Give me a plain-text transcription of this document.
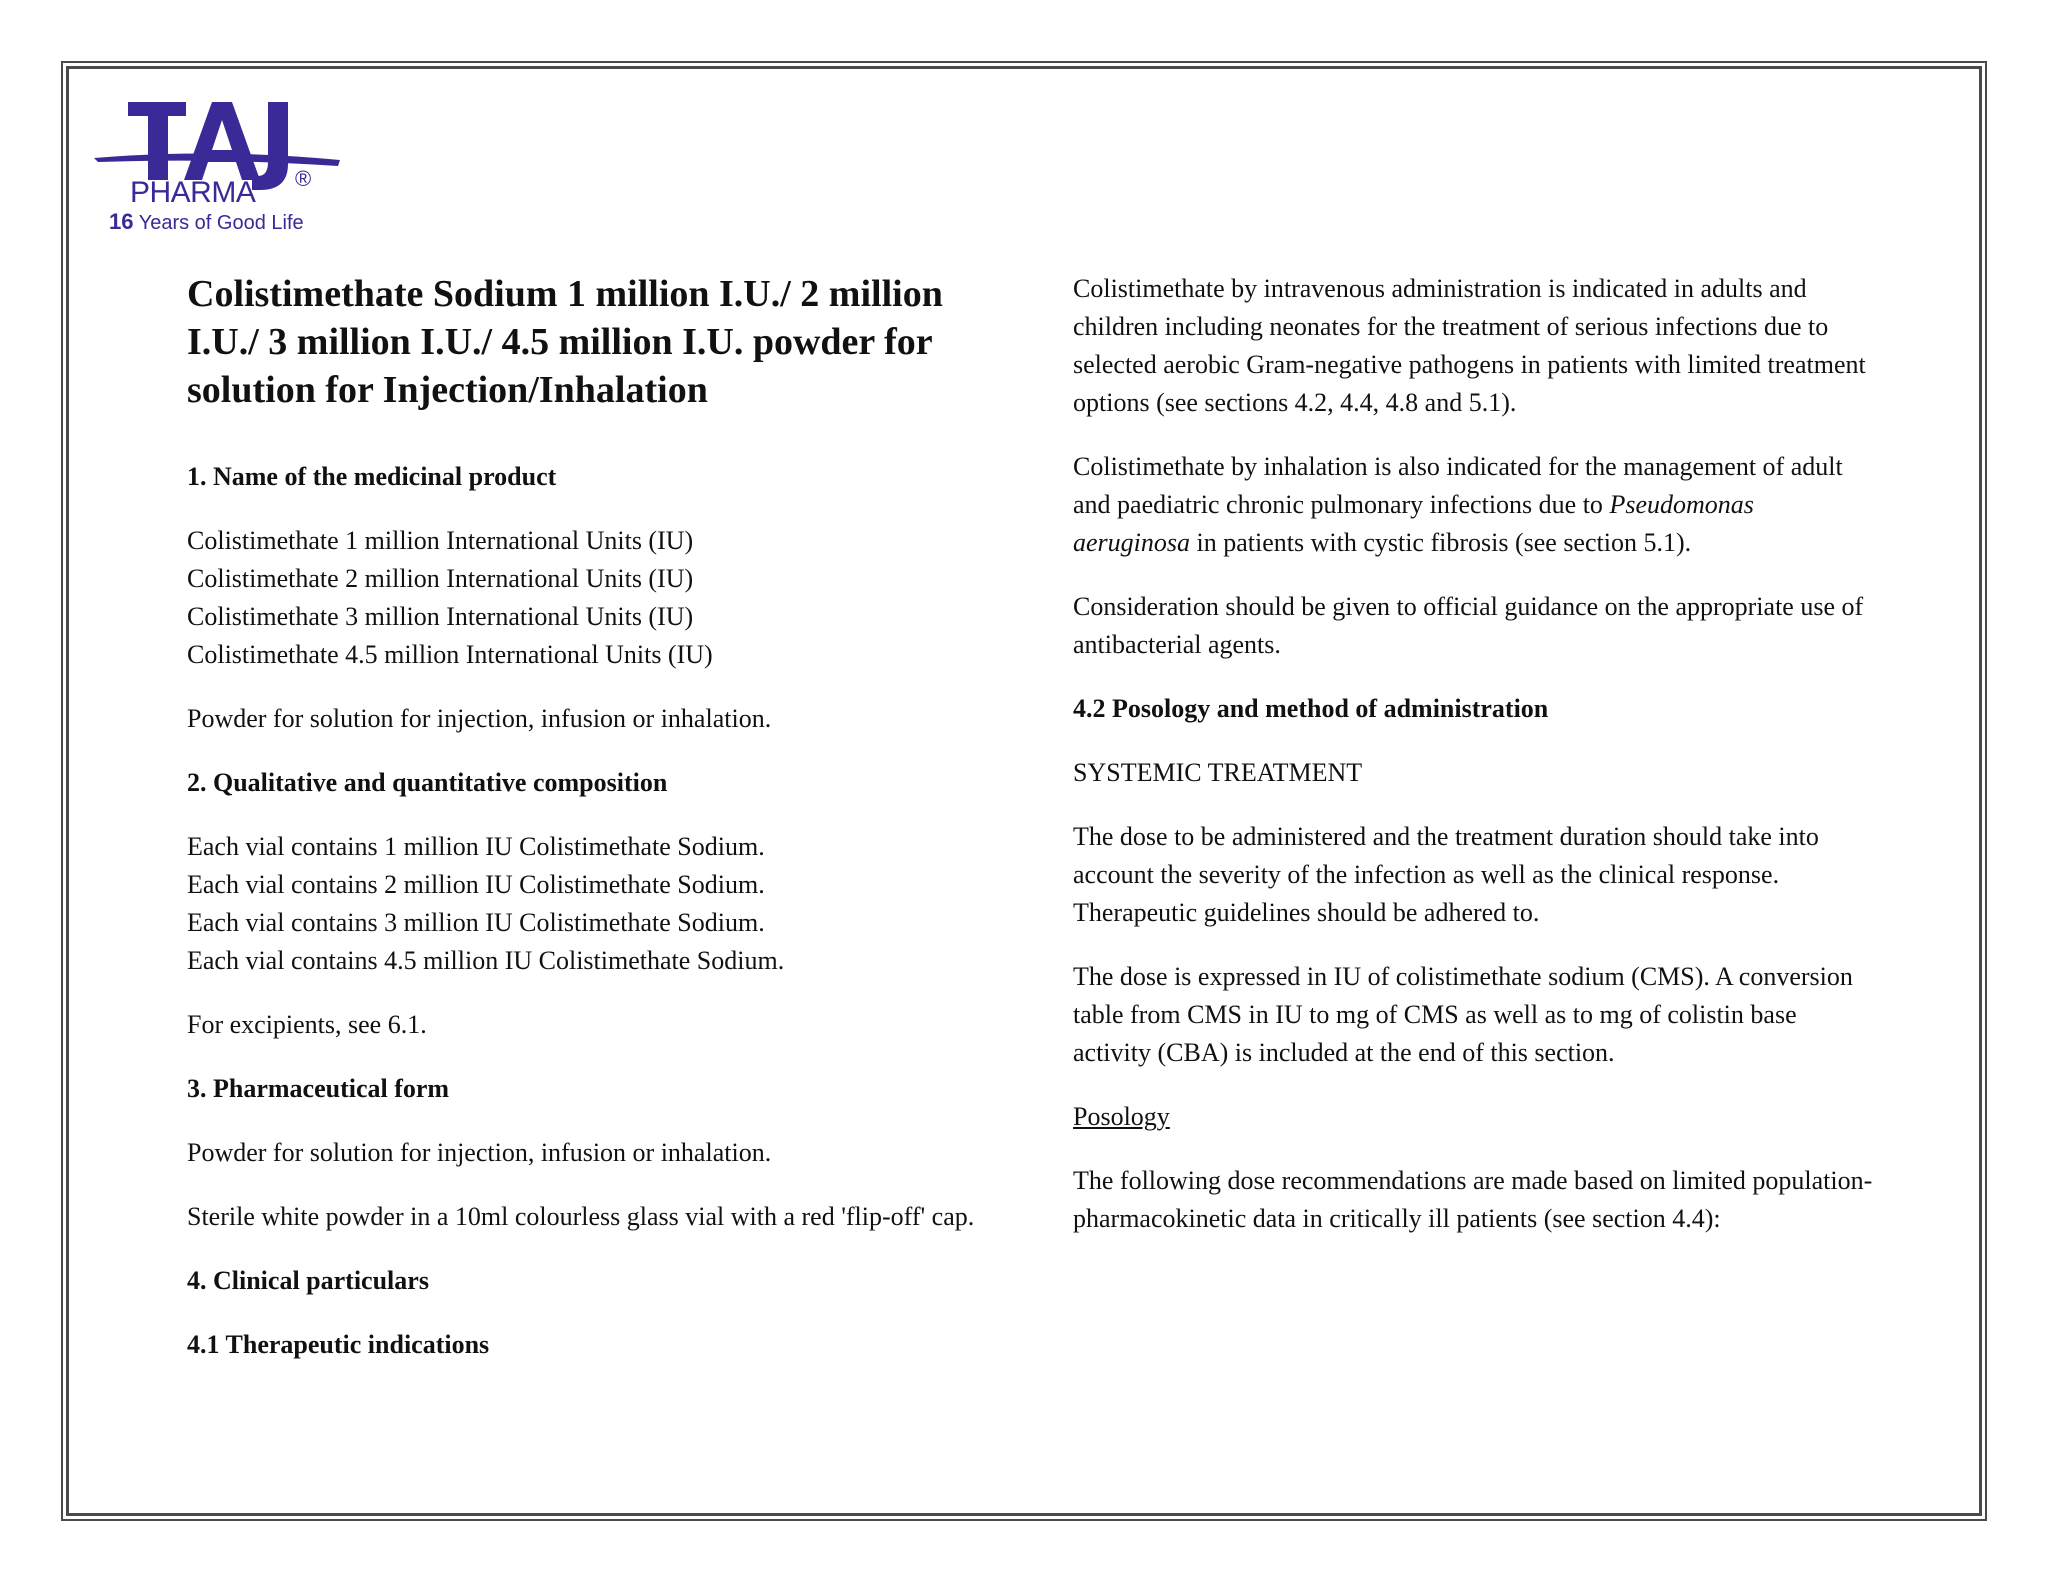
PHARMA ®
16 Years of Good Life
Colistimethate Sodium 1 million I.U./ 2 million I.U./ 3 million I.U./ 4.5 million I.U. powder for solution for Injection/Inhalation
1. Name of the medicinal product
Colistimethate 1 million International Units (IU)
Colistimethate 2 million International Units (IU)
Colistimethate 3 million International Units (IU)
Colistimethate 4.5 million International Units (IU)
Powder for solution for injection, infusion or inhalation.
2. Qualitative and quantitative composition
Each vial contains 1 million IU Colistimethate Sodium.
Each vial contains 2 million IU Colistimethate Sodium.
Each vial contains 3 million IU Colistimethate Sodium.
Each vial contains 4.5 million IU Colistimethate Sodium.
For excipients, see 6.1.
3. Pharmaceutical form
Powder for solution for injection, infusion or inhalation.
Sterile white powder in a 10ml colourless glass vial with a red 'flip-off' cap.
4. Clinical particulars
4.1 Therapeutic indications
Colistimethate by intravenous administration is indicated in adults and children including neonates for the treatment of serious infections due to selected aerobic Gram-negative pathogens in patients with limited treatment options (see sections 4.2, 4.4, 4.8 and 5.1).
Colistimethate by inhalation is also indicated for the management of adult and paediatric chronic pulmonary infections due to Pseudomonas aeruginosa in patients with cystic fibrosis (see section 5.1).
Consideration should be given to official guidance on the appropriate use of antibacterial agents.
4.2 Posology and method of administration
SYSTEMIC TREATMENT
The dose to be administered and the treatment duration should take into account the severity of the infection as well as the clinical response. Therapeutic guidelines should be adhered to.
The dose is expressed in IU of colistimethate sodium (CMS). A conversion table from CMS in IU to mg of CMS as well as to mg of colistin base activity (CBA) is included at the end of this section.
Posology
The following dose recommendations are made based on limited population-pharmacokinetic data in critically ill patients (see section 4.4):
